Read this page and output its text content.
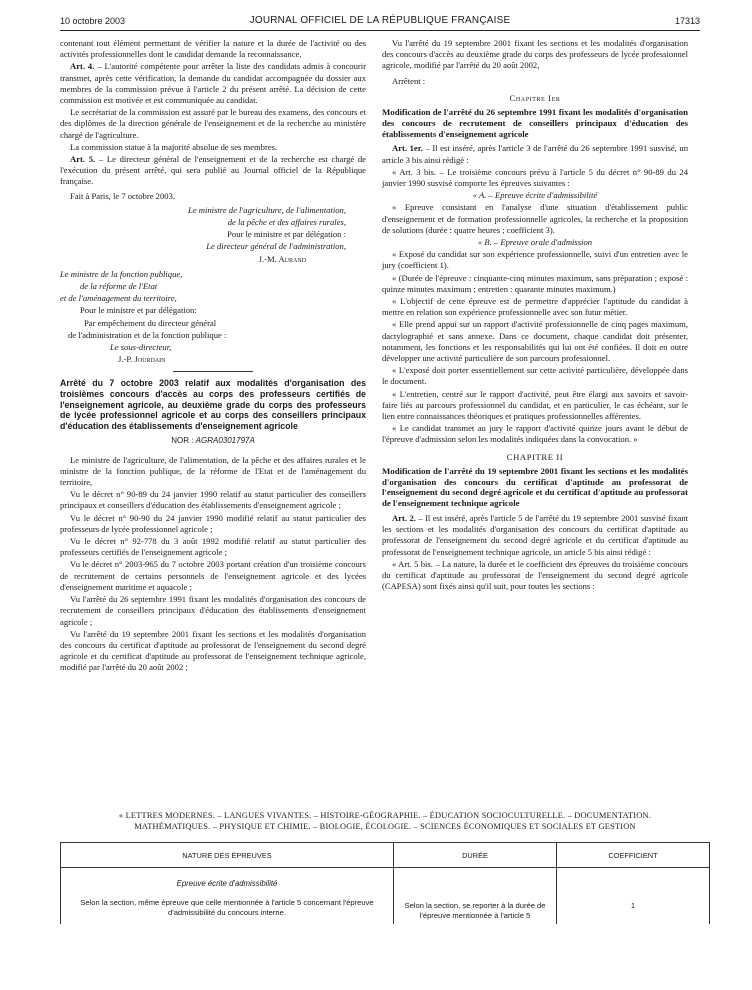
10 octobre 2003	JOURNAL OFFICIEL DE LA RÉPUBLIQUE FRANÇAISE	17313

contenant tout élément permettant de vérifier la nature et la durée de l'activité ou des activités professionnelles dont le candidat demande la reconnaissance.

Art. 4. – L'autorité compétente pour arrêter la liste des candidats admis à concourir transmet, après cette vérification, la demande du candidat accompagnée du dossier aux membres de la commission prévue à l'article 2 du présent arrêté. La décision de cette commission est motivée et est communiquée au candidat.

Le secrétariat de la commission est assuré par le bureau des examens, des concours et des diplômes de la direction générale de l'enseignement et de la recherche au ministère chargé de l'agriculture.

La commission statue à la majorité absolue de ses membres.

Art. 5. – Le directeur général de l'enseignement et de la recherche est chargé de l'exécution du présent arrêté, qui sera publié au Journal officiel de la République française.

Fait à Paris, le 7 octobre 2003.

Le ministre de l'agriculture, de l'alimentation,

de la pêche et des affaires rurales,

Pour le ministre et par délégation :

Le directeur général de l'administration,

J.-M. Aurand

Le ministre de la fonction publique,

de la réforme de l'Etat

et de l'aménagement du territoire,

Pour le ministre et par délégation:

Par empêchement du directeur général

de l'administration et de la fonction publique :

Le sous-directeur,

J.-P. Jourdain

Arrêté du 7 octobre 2003 relatif aux modalités d'organisation des troisièmes concours d'accès au corps des professeurs certifiés de l'enseignement agricole, au deuxième grade du corps des professeurs de lycée professionnel agricole et au corps des conseillers principaux d'éducation des établissements d'enseignement agricole
NOR : AGRA0301797A

Le ministre de l'agriculture, de l'alimentation, de la pêche et des affaires rurales et le ministre de la fonction publique, de la réforme de l'Etat et de l'aménagement du territoire,

Vu le décret n° 90-89 du 24 janvier 1990 relatif au statut particulier des conseillers principaux et conseillers d'éducation des établissements d'enseignement agricole ;

Vu le décret n° 90-90 du 24 janvier 1990 modifié relatif au statut particulier des professeurs de lycée professionnel agricole ;

Vu le décret n° 92-778 du 3 août 1992 modifié relatif au statut particulier des professeurs certifiés de l'enseignement agricole ;

Vu le décret n° 2003-965 du 7 octobre 2003 portant création d'un troisième concours de recrutement de certains personnels de l'enseignement agricole et des lycées d'enseignement maritime et aquacole ;

Vu l'arrêté du 26 septembre 1991 fixant les modalités d'organisation des concours de recrutement de conseillers principaux d'éducation des établissements d'enseignement agricole ;

Vu l'arrêté du 19 septembre 2001 fixant les sections et les modalités d'organisation des concours du certificat d'aptitude au professorat de l'enseignement du second degré agricole et du certificat d'aptitude au professorat de l'enseignement technique agricole, modifié par l'arrêté du 20 août 2002 ;

Vu l'arrêté du 19 septembre 2001 fixant les sections et les modalités d'organisation des concours d'accès au deuxième grade du corps des professeurs de lycée professionnel agricole, modifié par l'arrêté du 20 août 2002,

Arrêtent :

Chapitre Ier
Modification de l'arrêté du 26 septembre 1991 fixant les modalités d'organisation des concours de recrutement de conseillers principaux d'éducation des établissements d'enseignement agricole

Art. 1er. – Il est inséré, après l'article 3 de l'arrêté du 26 septembre 1991 susvisé, un article 3 bis ainsi rédigé :

« Art. 3 bis. – Le troisième concours prévu à l'article 5 du décret n° 90-89 du 24 janvier 1990 susvisé comporte les épreuves suivantes :

« A. – Epreuve écrite d'admissibilité

« Epreuve consistant en l'analyse d'une situation d'établissement public d'enseignement et de formation professionnelle agricoles, la recherche et la proposition de solutions (durée : quatre heures ; coefficient 3).

« B. – Epreuve orale d'admission

« Exposé du candidat sur son expérience professionnelle, suivi d'un entretien avec le jury (coefficient 1).

« (Durée de l'épreuve : cinquante-cinq minutes maximum, sans préparation ; exposé : quinze minutes maximum ; entretien : quarante minutes maximum.)

« L'objectif de cette épreuve est de permettre d'apprécier l'aptitude du candidat à mettre en relation son expérience professionnelle avec son futur métier.

« Elle prend appui sur un rapport d'activité professionnelle de cinq pages maximum, dactylographié et sans annexe. Dans ce document, chaque candidat doit présenter, notamment, les fonctions et les responsabilités qui lui ont été confiées. Il doit en outre développer une activité particulière de son parcours professionnel.

« L'exposé doit porter essentiellement sur cette activité particulière, développée dans le document.

« L'entretien, centré sur le rapport d'activité, peut être élargi aux savoirs et savoir-faire liés au parcours professionnel du candidat, et en particulier, le cas échéant, sur le lien entre connaissances théoriques et pratiques professionnelles afférentes.

« Le candidat transmet au jury le rapport d'activité quinze jours avant le début de l'épreuve d'admission selon les modalités indiquées dans la convocation. »

CHAPITRE II
Modification de l'arrêté du 19 septembre 2001 fixant les sections et les modalités d'organisation des concours du certificat d'aptitude au professorat de l'enseignement du second degré agricole et du certificat d'aptitude au professorat de l'enseignement technique agricole

Art. 2. – Il est inséré, après l'article 5 de l'arrêté du 19 septembre 2001 susvisé fixant les sections et les modalités d'organisation des concours du certificat d'aptitude au professorat de l'enseignement du second degré agricole et du certificat d'aptitude au professorat de l'enseignement technique agricole, un article 5 bis ainsi rédigé :

« Art. 5 bis. – La nature, la durée et le coefficient des épreuves du troisième concours du certificat d'aptitude au professorat de l'enseignement du second degré agricole (CAPESA) sont fixés ainsi qu'il suit, pour toutes les sections :

« LETTRES MODERNES. – LANGUES VIVANTES. – HISTOIRE-GÉOGRAPHIE. – ÉDUCATION SOCIOCULTURELLE. – DOCUMENTATION.
MATHÉMATIQUES. – PHYSIQUE ET CHIMIE. – BIOLOGIE, ÉCOLOGIE. – SCIENCES ÉCONOMIQUES ET SOCIALES ET GESTION
NATURE DES ÉPREUVES	DURÉE	COEFFICIENT

Epreuve écrite d'admissibilité
Selon la section, même épreuve que celle mentionnée à l'article 5 concernant l'épreuve d'admissibilité du concours interne.	Selon la section, se reporter à la durée de l'épreuve mentionnée à l'article 5	1
